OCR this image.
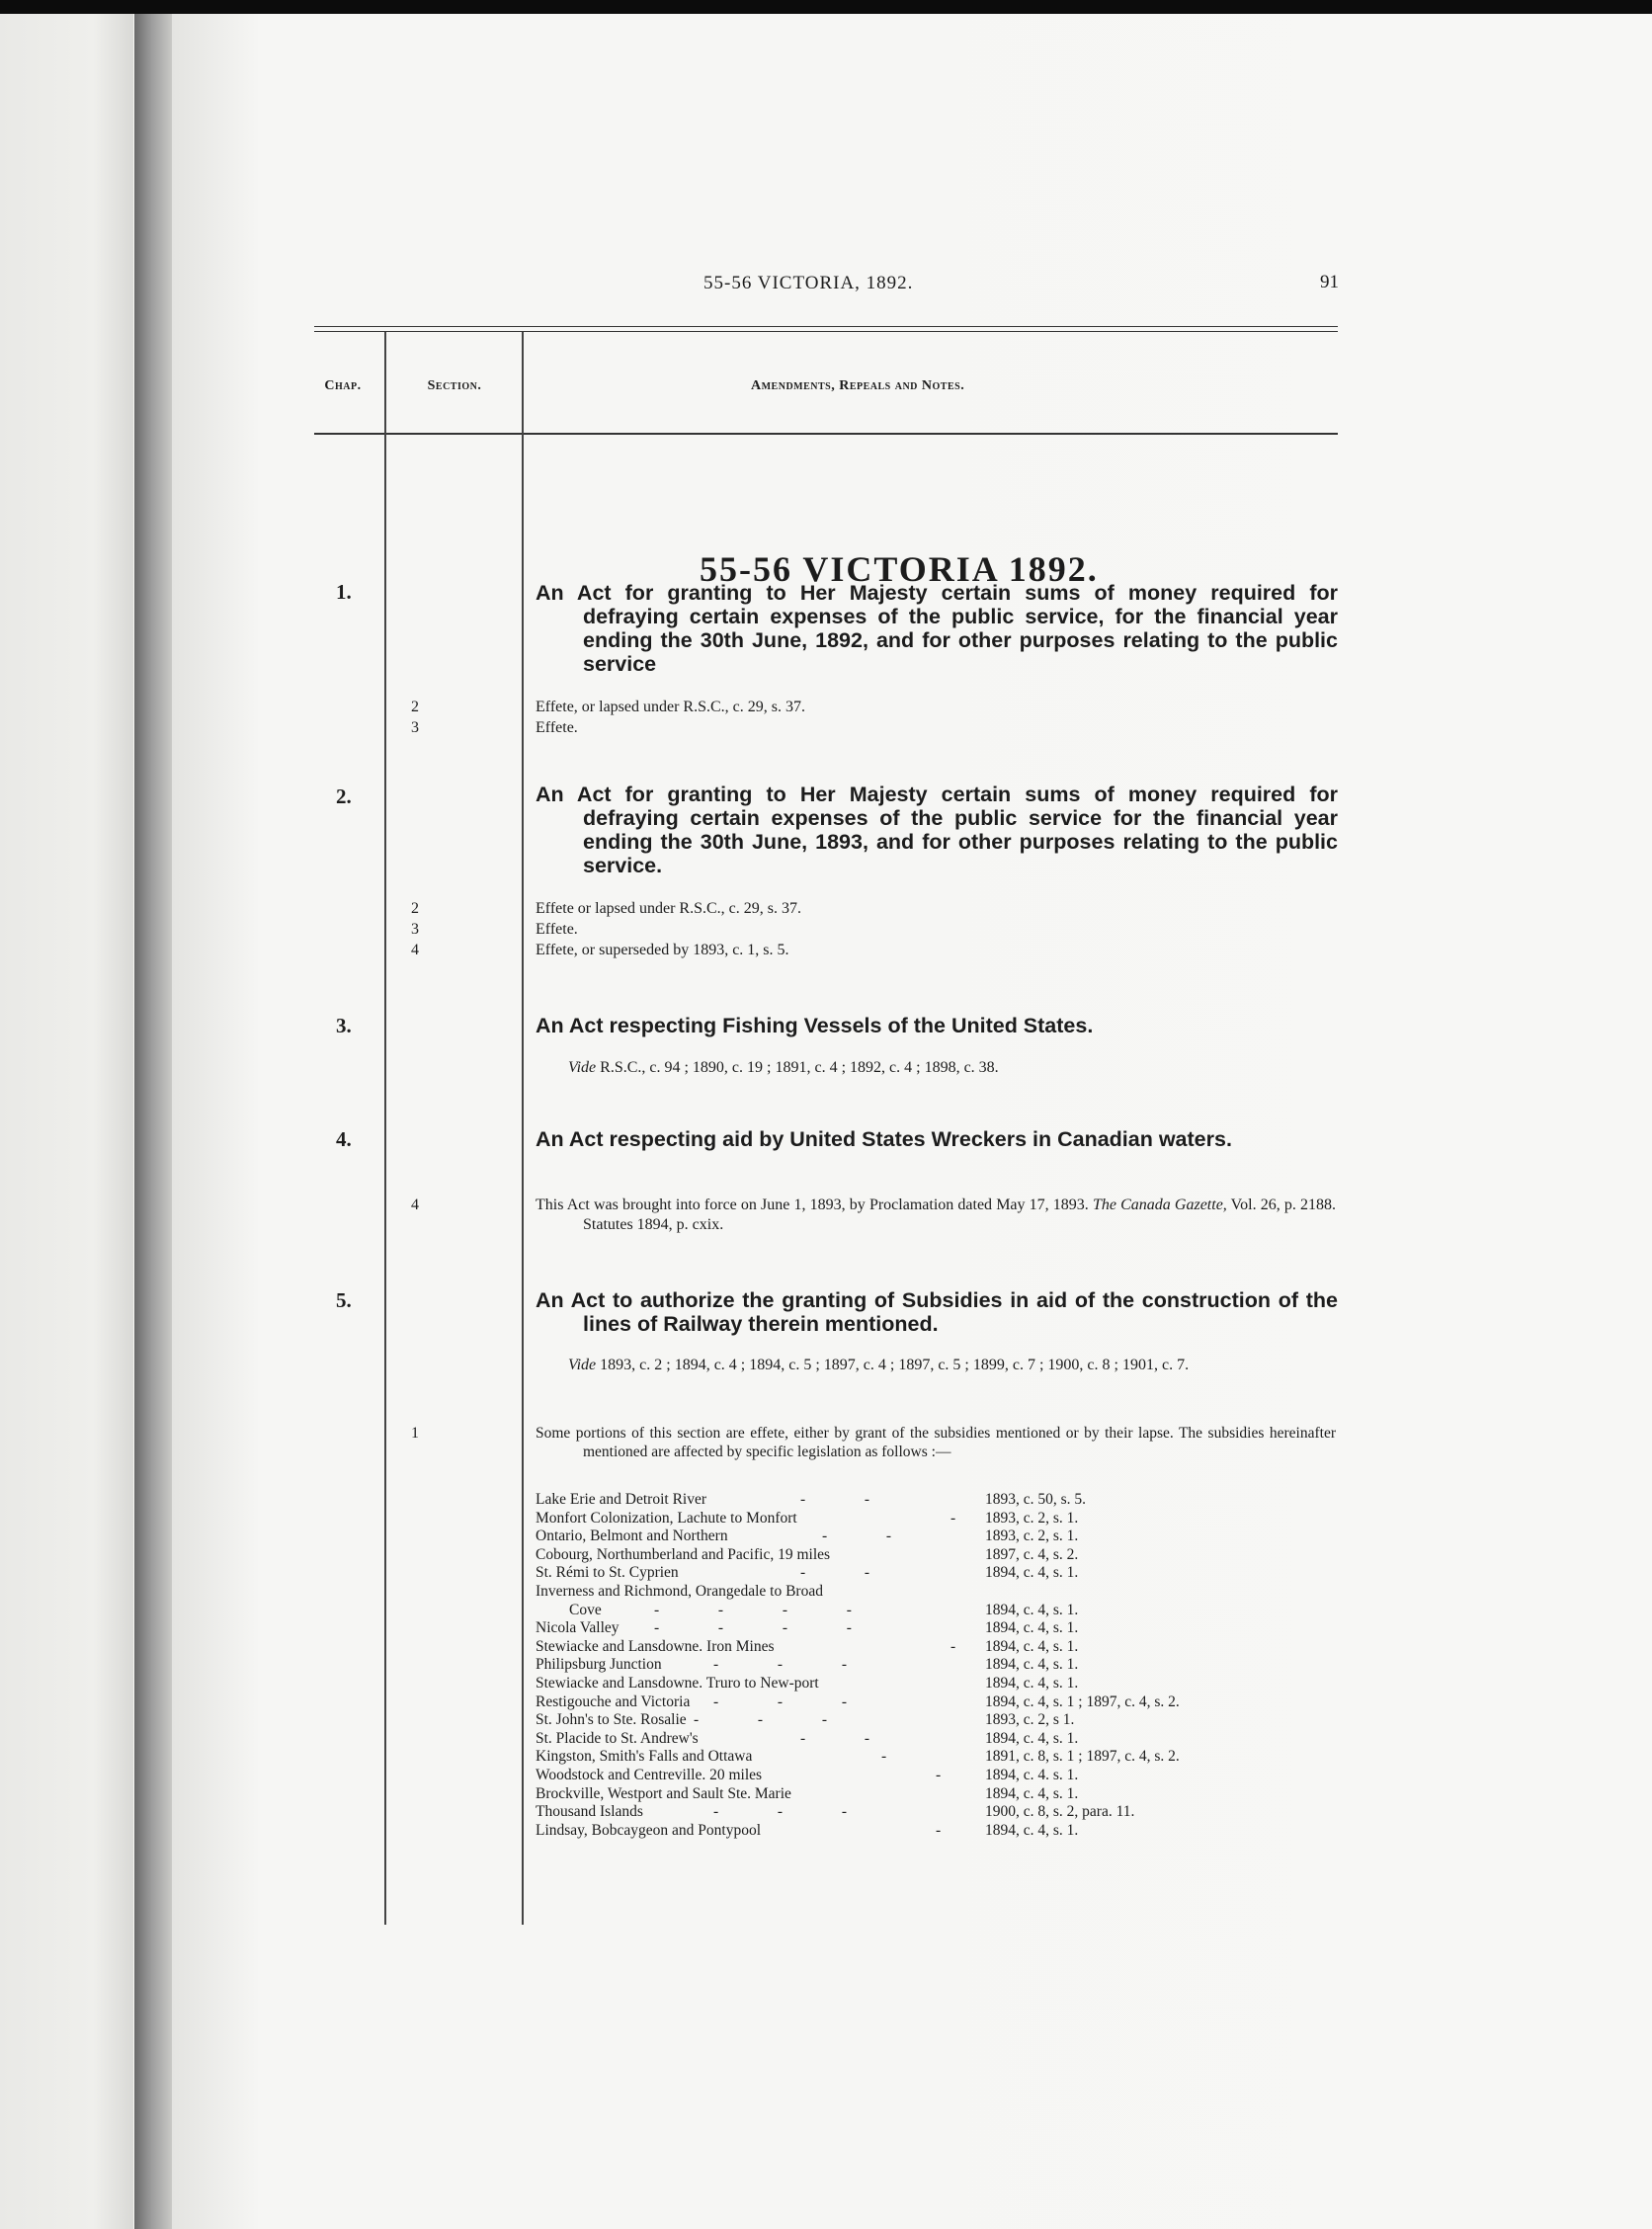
55-56 VICTORIA, 1892.	91
Chap.	Section.	Amendments, Repeals and Notes.
55-56 VICTORIA 1892.
1.	An Act for granting to Her Majesty certain sums of money required for defraying certain expenses of the public service, for the financial year ending the 30th June, 1892, and for other purposes relating to the public service
2	Effete, or lapsed under R.S.C., c. 29, s. 37.
3	Effete.
2.	An Act for granting to Her Majesty certain sums of money required for defraying certain expenses of the public service for the financial year ending the 30th June, 1893, and for other purposes relating to the public service.
2	Effete or lapsed under R.S.C., c. 29, s. 37.
3	Effete.
4	Effete, or superseded by 1893, c. 1, s. 5.
3.	An Act respecting Fishing Vessels of the United States.
Vide R.S.C., c. 94 ; 1890, c. 19 ; 1891, c. 4 ; 1892, c. 4 ; 1898, c. 38.
4.	An Act respecting aid by United States Wreckers in Canadian waters.
4	This Act was brought into force on June 1, 1893, by Proclamation dated May 17, 1893. The Canada Gazette, Vol. 26, p. 2188. Statutes 1894, p. cxix.
5.	An Act to authorize the granting of Subsidies in aid of the construction of the lines of Railway therein mentioned.
Vide 1893, c. 2 ; 1894, c. 4 ; 1894, c. 5 ; 1897, c. 4 ; 1897, c. 5 ; 1899, c. 7 ; 1900, c. 8 ; 1901, c. 7.
1	Some portions of this section are effete, either by grant of the subsidies mentioned or by their lapse. The subsidies hereinafter mentioned are affected by specific legislation as follows :—
Lake Erie and Detroit River	-  -	1893, c. 50, s. 5.
Monfort Colonization, Lachute to Monfort	- 1893, c. 2, s. 1.
Ontario, Belmont and Northern	-  -	1893, c. 2, s. 1.
Cobourg, Northumberland and Pacific, 19 miles	1897, c. 4, s. 2.
St. Rémi to St. Cyprien	-  -	1894, c. 4, s. 1.
Inverness and Richmond, Orangedale to Broad
Cove	-  -  -  -	1894, c. 4, s. 1.
Nicola Valley -  -  -  -	1894, c. 4, s. 1.
Stewiacke and Lansdowne. Iron Mines	- 1894, c. 4, s. 1.
Philipsburg Junction	-  -  -	1894, c. 4, s. 1.
Stewiacke and Lansdowne. Truro to New-port	1894, c. 4, s. 1.
Restigouche and Victoria -  -  -	1894, c. 4, s. 1 ; 1897, c. 4, s. 2.
St. John's to Ste. Rosalie -  -  -	1893, c. 2, s 1.
St. Placide to St. Andrew's	-  -	1894, c. 4, s. 1.
Kingston, Smith's Falls and Ottawa	-	1891, c. 8, s. 1 ; 1897, c. 4, s. 2.
Woodstock and Centreville. 20 miles	-	1894, c. 4. s. 1.
Brockville, Westport and Sault Ste. Marie	1894, c. 4, s. 1.
Thousand Islands	-  -  -	1900, c. 8, s. 2, para. 11.
Lindsay, Bobcaygeon and Pontypool	-	1894, c. 4, s. 1.
